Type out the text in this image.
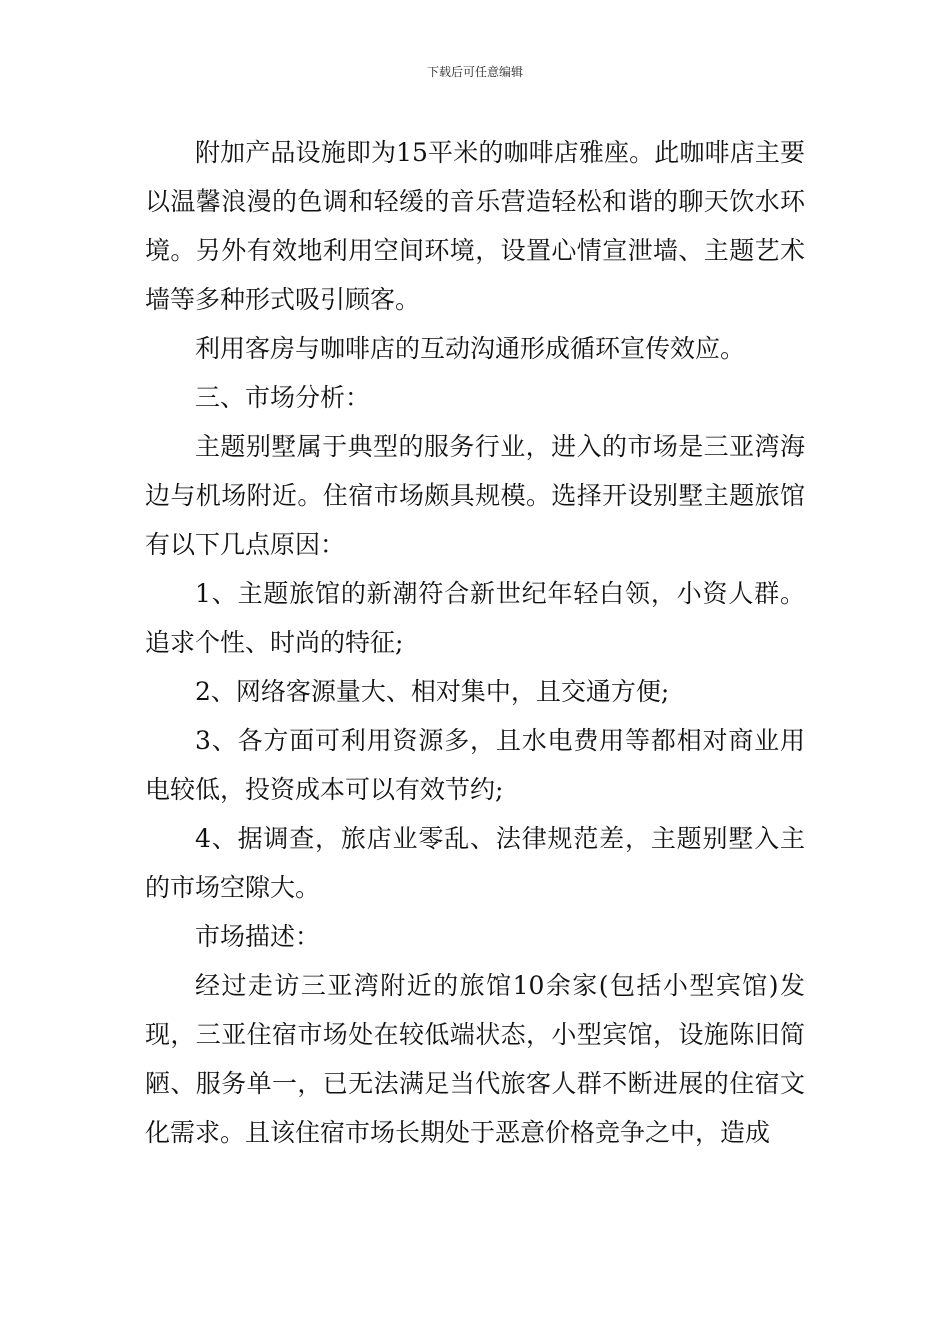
下载后可任意编辑

附加产品设施即为15平米的咖啡店雅座。此咖啡店主要以温馨浪漫的色调和轻缓的音乐营造轻松和谐的聊天饮水环境。另外有效地利用空间环境，设置心情宣泄墙、主题艺术墙等多种形式吸引顾客。

利用客房与咖啡店的互动沟通形成循环宣传效应。

三、市场分析：

主题别墅属于典型的服务行业，进入的市场是三亚湾海边与机场附近。住宿市场颇具规模。选择开设别墅主题旅馆有以下几点原因：

1、主题旅馆的新潮符合新世纪年轻白领，小资人群。追求个性、时尚的特征;

2、网络客源量大、相对集中，且交通方便;

3、各方面可利用资源多，且水电费用等都相对商业用电较低，投资成本可以有效节约;

4、据调查，旅店业零乱、法律规范差，主题别墅入主的市场空隙大。

市场描述：

经过走访三亚湾附近的旅馆10余家(包括小型宾馆)发现，三亚住宿市场处在较低端状态，小型宾馆，设施陈旧简陋、服务单一，已无法满足当代旅客人群不断进展的住宿文化需求。且该住宿市场长期处于恶意价格竞争之中，造成
